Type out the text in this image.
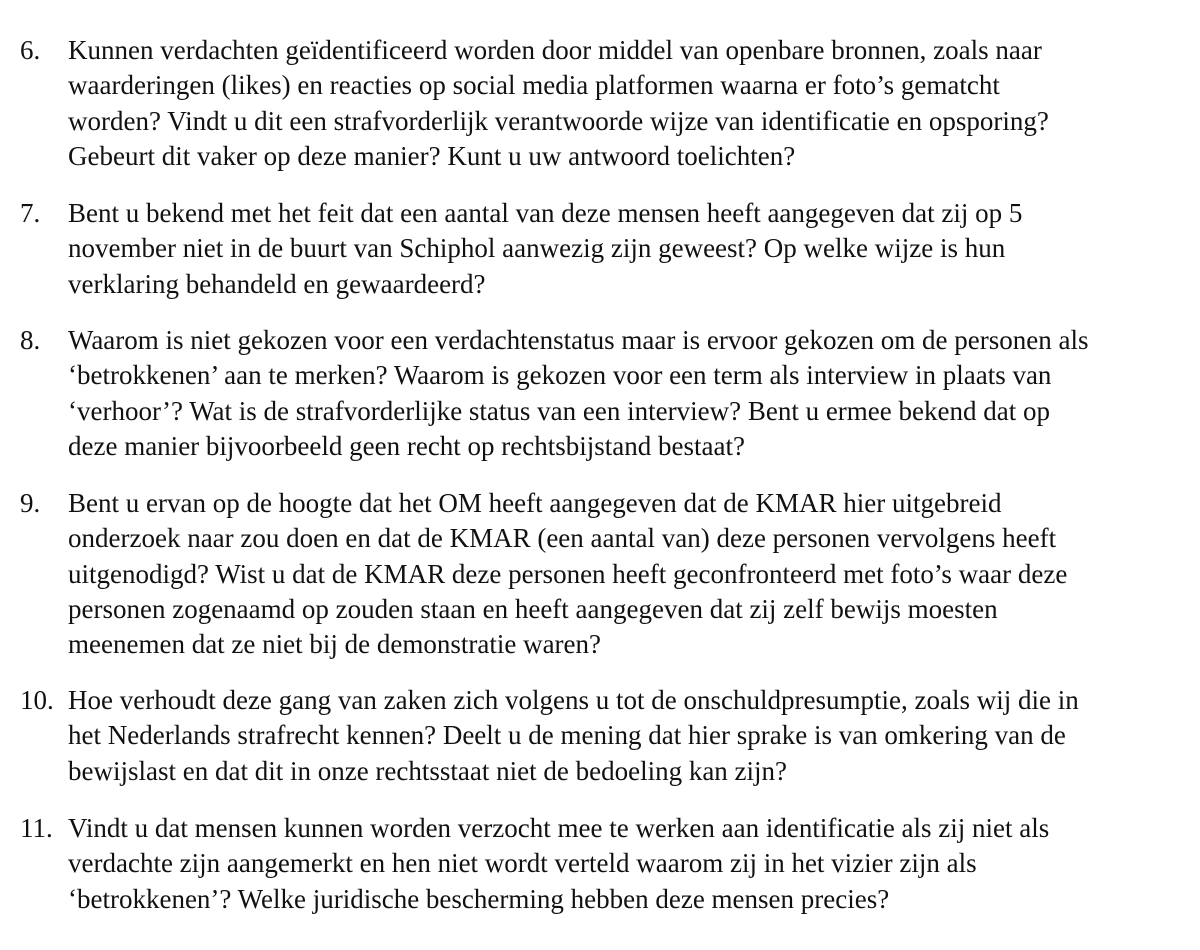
6. Kunnen verdachten geïdentificeerd worden door middel van openbare bronnen, zoals naar
waarderingen (likes) en reacties op social media platformen waarna er foto’s gematcht
worden? Vindt u dit een strafvorderlijk verantwoorde wijze van identificatie en opsporing?
Gebeurt dit vaker op deze manier? Kunt u uw antwoord toelichten?
7. Bent u bekend met het feit dat een aantal van deze mensen heeft aangegeven dat zij op 5
november niet in de buurt van Schiphol aanwezig zijn geweest? Op welke wijze is hun
verklaring behandeld en gewaardeerd?
8. Waarom is niet gekozen voor een verdachtenstatus maar is ervoor gekozen om de personen als
‘betrokkenen’ aan te merken? Waarom is gekozen voor een term als interview in plaats van
‘verhoor’? Wat is de strafvorderlijke status van een interview? Bent u ermee bekend dat op
deze manier bijvoorbeeld geen recht op rechtsbijstand bestaat?
9. Bent u ervan op de hoogte dat het OM heeft aangegeven dat de KMAR hier uitgebreid
onderzoek naar zou doen en dat de KMAR (een aantal van) deze personen vervolgens heeft
uitgenodigd? Wist u dat de KMAR deze personen heeft geconfronteerd met foto’s waar deze
personen zogenaamd op zouden staan en heeft aangegeven dat zij zelf bewijs moesten
meenemen dat ze niet bij de demonstratie waren?
10. Hoe verhoudt deze gang van zaken zich volgens u tot de onschuldpresumptie, zoals wij die in
het Nederlands strafrecht kennen? Deelt u de mening dat hier sprake is van omkering van de
bewijslast en dat dit in onze rechtsstaat niet de bedoeling kan zijn?
11. Vindt u dat mensen kunnen worden verzocht mee te werken aan identificatie als zij niet als
verdachte zijn aangemerkt en hen niet wordt verteld waarom zij in het vizier zijn als
‘betrokkenen’? Welke juridische bescherming hebben deze mensen precies?
